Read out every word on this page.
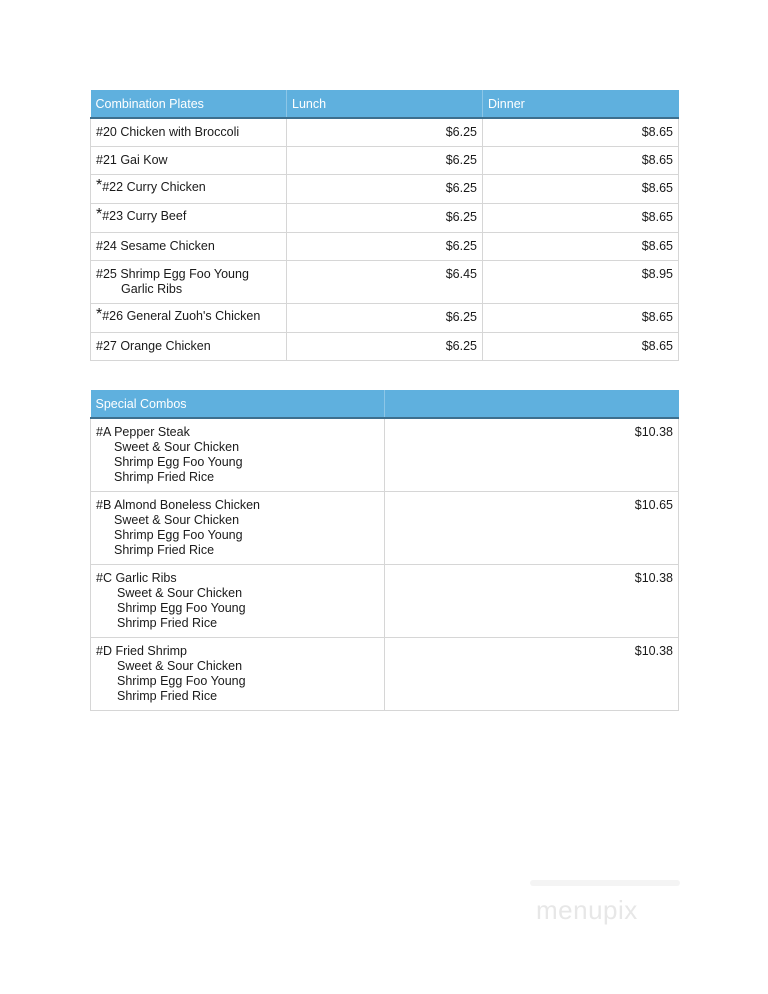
Combination Plates	Lunch	Dinner
#20 Chicken with Broccoli	$6.25	$8.65
#21 Gai Kow	$6.25	$8.65
*#22 Curry Chicken	$6.25	$8.65
*#23 Curry Beef	$6.25	$8.65
#24 Sesame Chicken	$6.25	$8.65

#25 Shrimp Egg Foo Young
Garlic Ribs	$6.45	$8.95
*#26 General Zuoh's Chicken	$6.25	$8.65
#27 Orange Chicken	$6.25	$8.65
Special Combos	

#A Pepper Steak
Sweet & Sour Chicken
Shrimp Egg Foo Young
Shrimp Fried Rice	$10.38

#B Almond Boneless Chicken
Sweet & Sour Chicken
Shrimp Egg Foo Young
Shrimp Fried Rice	$10.65

#C Garlic Ribs
Sweet & Sour Chicken
Shrimp Egg Foo Young
Shrimp Fried Rice	$10.38

#D Fried Shrimp
Sweet & Sour Chicken
Shrimp Egg Foo Young
Shrimp Fried Rice	$10.38
menupix
